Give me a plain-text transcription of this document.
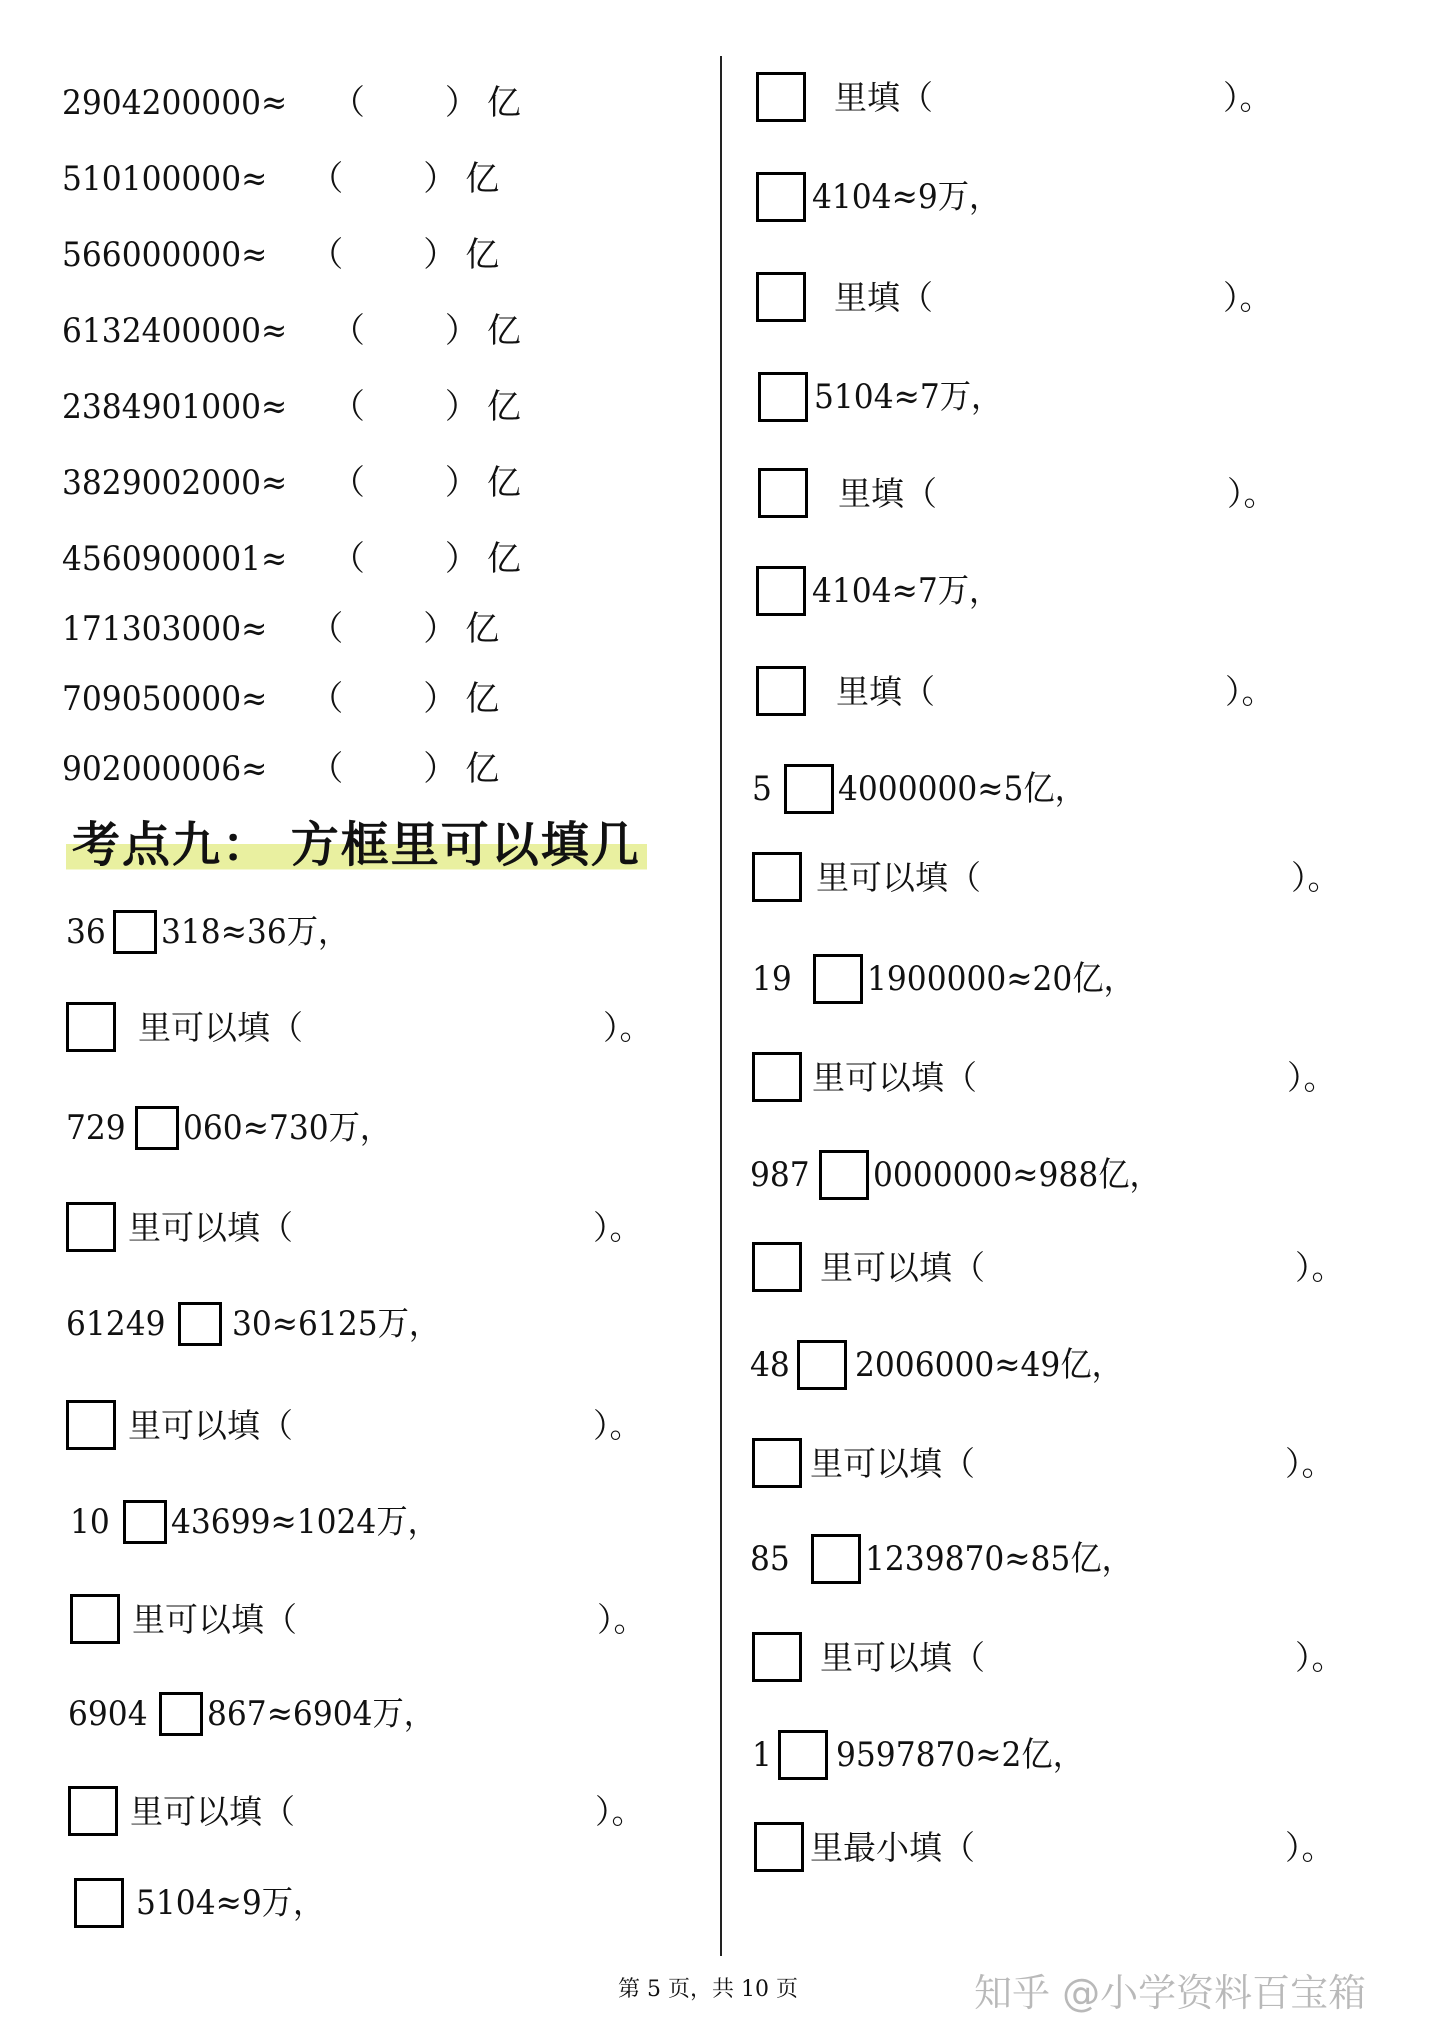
2904200000≈ （ ） 亿
510100000≈ （ ） 亿
566000000≈ （ ） 亿
6132400000≈ （ ） 亿
2384901000≈ （ ） 亿
3829002000≈ （ ） 亿
4560900001≈ （ ） 亿
171303000≈ （ ） 亿
709050000≈ （ ） 亿
902000006≈ （ ） 亿
考点九： 方框里可以填几
36 318≈36万，
里可以填（	）。
729 060≈730万，
里可以填（	）。
61249 30≈6125万，
里可以填（	）。
10 43699≈1024万，
里可以填（	）。
6904 867≈6904万，
里可以填（	）。
5104≈9万，
里填（	）。
4104≈9万，
里填（	）。
5104≈7万，
里填（	）。
4104≈7万，
里填（	）。
5 4000000≈5亿，
里可以填（	）。
19 1900000≈20亿，
里可以填（	）。
987 0000000≈988亿，
里可以填（	）。
48 2006000≈49亿，
里可以填（	）。
85 1239870≈85亿，
里可以填（	）。
1 9597870≈2亿，
里最小填（	）。
第 5 页，共 10 页	知乎 @小学资料百宝箱
